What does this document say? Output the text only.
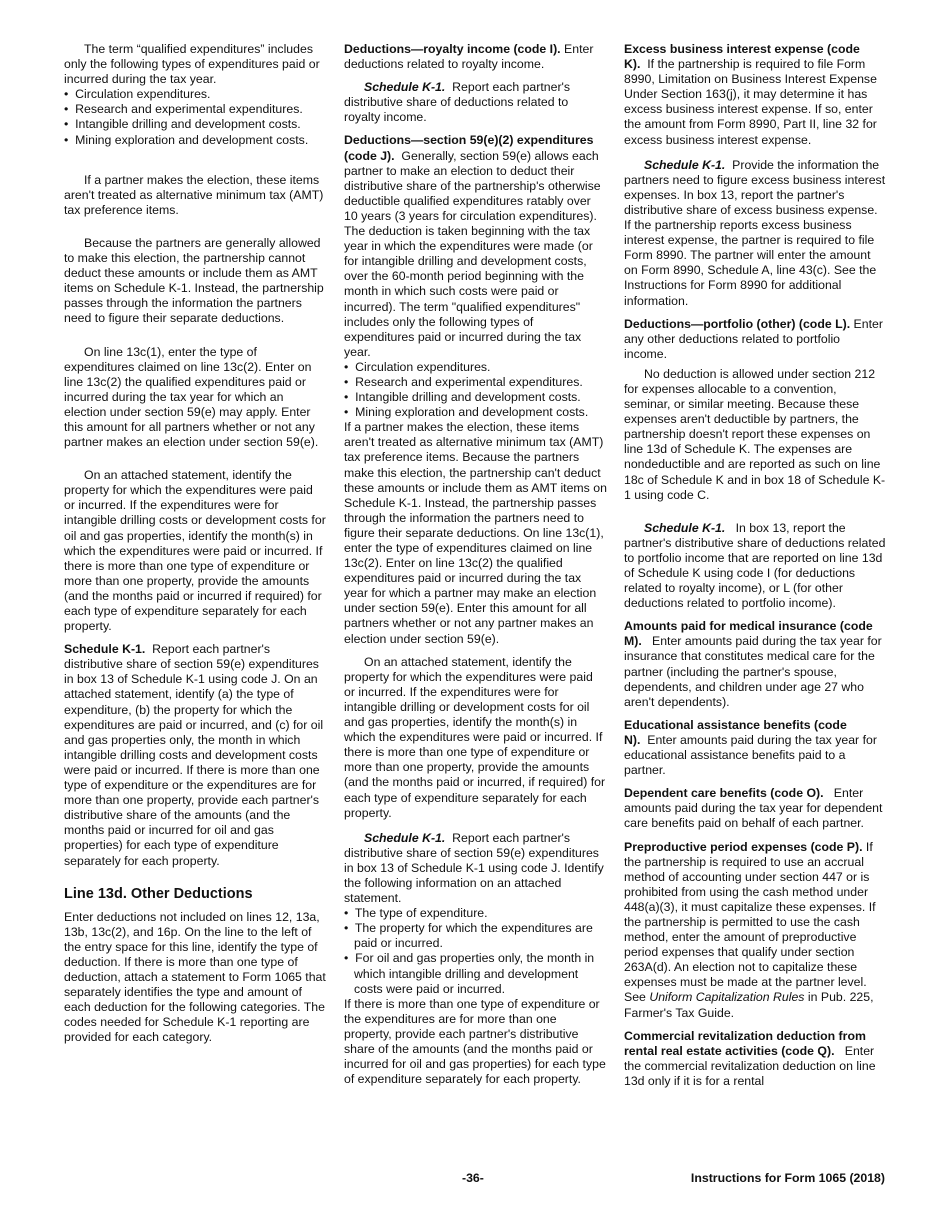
The term “qualified expenditures” includes only the following types of expenditures paid or incurred during the tax year.

• Circulation expenditures.
• Research and experimental expenditures.
• Intangible drilling and development costs.
• Mining exploration and development costs.

If a partner makes the election, these items aren't treated as alternative minimum tax (AMT) tax preference items.

Because the partners are generally allowed to make this election, the partnership cannot deduct these amounts or include them as AMT items on Schedule K-1. Instead, the partnership passes through the information the partners need to figure their separate deductions.

On line 13c(1), enter the type of expenditures claimed on line 13c(2). Enter on line 13c(2) the qualified expenditures paid or incurred during the tax year for which an election under section 59(e) may apply. Enter this amount for all partners whether or not any partner makes an election under section 59(e).

On an attached statement, identify the property for which the expenditures were paid or incurred. If the expenditures were for intangible drilling costs or development costs for oil and gas properties, identify the month(s) in which the expenditures were paid or incurred. If there is more than one type of expenditure or more than one property, provide the amounts (and the months paid or incurred if required) for each type of expenditure separately for each property.

Schedule K-1. Report each partner's distributive share of section 59(e) expenditures in box 13 of Schedule K-1 using code J. On an attached statement, identify (a) the type of expenditure, (b) the property for which the expenditures are paid or incurred, and (c) for oil and gas properties only, the month in which intangible drilling costs and development costs were paid or incurred. If there is more than one type of expenditure or the expenditures are for more than one property, provide each partner's distributive share of the amounts (and the months paid or incurred for oil and gas properties) for each type of expenditure separately for each property.

Line 13d. Other Deductions

Enter deductions not included on lines 12, 13a, 13b, 13c(2), and 16p. On the line to the left of the entry space for this line, identify the type of deduction. If there is more than one type of deduction, attach a statement to Form 1065 that separately identifies the type and amount of each deduction for the following categories. The codes needed for Schedule K-1 reporting are provided for each category.

Deductions—royalty income (code I). Enter deductions related to royalty income.

Schedule K-1. Report each partner's distributive share of deductions related to royalty income.

Deductions—section 59(e)(2) expenditures (code J). Generally, section 59(e) allows each partner to make an election to deduct their distributive share of the partnership's otherwise deductible qualified expenditures ratably over 10 years (3 years for circulation expenditures). The deduction is taken beginning with the tax year in which the expenditures were made (or for intangible drilling and development costs, over the 60-month period beginning with the month in which such costs were paid or incurred). The term "qualified expenditures" includes only the following types of expenditures paid or incurred during the tax year.

• Circulation expenditures.
• Research and experimental expenditures.
• Intangible drilling and development costs.
• Mining exploration and development costs.

If a partner makes the election, these items aren't treated as alternative minimum tax (AMT) tax preference items. Because the partners make this election, the partnership can't deduct these amounts or include them as AMT items on Schedule K-1. Instead, the partnership passes through the information the partners need to figure their separate deductions. On line 13c(1), enter the type of expenditures claimed on line 13c(2). Enter on line 13c(2) the qualified expenditures paid or incurred during the tax year for which a partner may make an election under section 59(e). Enter this amount for all partners whether or not any partner makes an election under section 59(e).

On an attached statement, identify the property for which the expenditures were paid or incurred. If the expenditures were for intangible drilling or development costs for oil and gas properties, identify the month(s) in which the expenditures were paid or incurred. If there is more than one type of expenditure or more than one property, provide the amounts (and the months paid or incurred, if required) for each type of expenditure separately for each property.

Schedule K-1. Report each partner's distributive share of section 59(e) expenditures in box 13 of Schedule K-1 using code J. Identify the following information on an attached statement.

• The type of expenditure.
• The property for which the expenditures are paid or incurred.
• For oil and gas properties only, the month in which intangible drilling and development costs were paid or incurred.

If there is more than one type of expenditure or the expenditures are for more than one property, provide each partner's distributive share of the amounts (and the months paid or incurred for oil and gas properties) for each type of expenditure separately for each property.

Excess business interest expense (code K). If the partnership is required to file Form 8990, Limitation on Business Interest Expense Under Section 163(j), it may determine it has excess business interest expense. If so, enter the amount from Form 8990, Part II, line 32 for excess business interest expense.

Schedule K-1. Provide the information the partners need to figure excess business interest expenses. In box 13, report the partner's distributive share of excess business expense. If the partnership reports excess business interest expense, the partner is required to file Form 8990. The partner will enter the amount on Form 8990, Schedule A, line 43(c). See the Instructions for Form 8990 for additional information.

Deductions—portfolio (other) (code L). Enter any other deductions related to portfolio income.

No deduction is allowed under section 212 for expenses allocable to a convention, seminar, or similar meeting. Because these expenses aren't deductible by partners, the partnership doesn't report these expenses on line 13d of Schedule K. The expenses are nondeductible and are reported as such on line 18c of Schedule K and in box 18 of Schedule K-1 using code C.

Schedule K-1. In box 13, report the partner's distributive share of deductions related to portfolio income that are reported on line 13d of Schedule K using code I (for deductions related to royalty income), or L (for other deductions related to portfolio income).

Amounts paid for medical insurance (code M). Enter amounts paid during the tax year for insurance that constitutes medical care for the partner (including the partner's spouse, dependents, and children under age 27 who aren't dependents).

Educational assistance benefits (code N). Enter amounts paid during the tax year for educational assistance benefits paid to a partner.

Dependent care benefits (code O). Enter amounts paid during the tax year for dependent care benefits paid on behalf of each partner.

Preproductive period expenses (code P). If the partnership is required to use an accrual method of accounting under section 447 or is prohibited from using the cash method under 448(a)(3), it must capitalize these expenses. If the partnership is permitted to use the cash method, enter the amount of preproductive period expenses that qualify under section 263A(d). An election not to capitalize these expenses must be made at the partner level. See Uniform Capitalization Rules in Pub. 225, Farmer's Tax Guide.

Commercial revitalization deduction from rental real estate activities (code Q). Enter the commercial revitalization deduction on line 13d only if it is for a rental

-36-	Instructions for Form 1065 (2018)
